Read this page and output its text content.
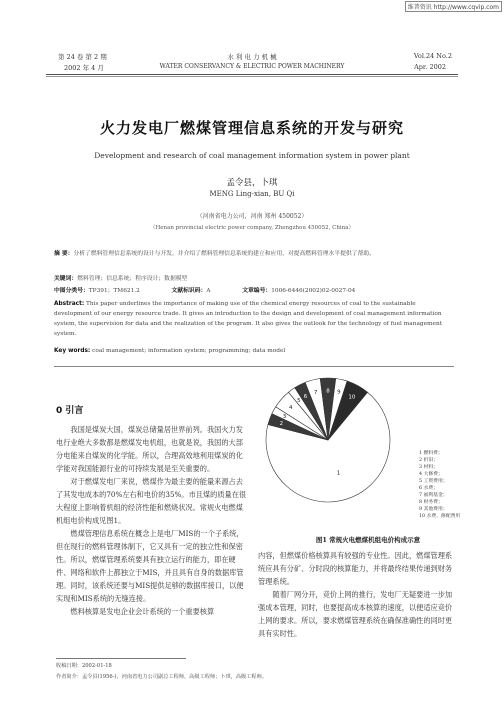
维普资讯 http://www.cqvip.com
第 24 卷 第 2 期
2002 年 4 月
水 利 电 力 机 械
WATER CONSERVANCY & ELECTRIC POWER MACHINERY
Vol.24 No.2
Apr. 2002
火力发电厂燃煤管理信息系统的开发与研究
Development and research of coal management information system in power plant
孟令县，卜琪
MENG Ling-xian, BU Qi
（河南省电力公司，河南 郑州 450052）
（Henan provincial electric power company, Zhengzhou 450052, China）
摘 要：分析了燃料管理信息系统的设计与开发，并介绍了燃料管理信息系统的建立和应用，对提高燃料管理水平提供了帮助。
关键词：燃料管理；信息系统；程序设计；数据模型
中图分类号：TP391；TM621.2	文献标识码：A	文章编号：1006-6446(2002)02-0027-04
Abstract: This paper underlines the importance of making use of the chemical energy resources of coal to the sustainable development of our energy resource trade. It gives an introduction to the design and development of coal management information system, the supervision for data and the realization of the program. It also gives the outlook for the technology of fuel management system.
Key words: coal management; information system; programming; data model
0 引言

我国是煤炭大国，煤炭总储量居世界前列。我国火力发电行业绝大多数都是燃煤发电机组，也就是说，我国的大部分电能来自煤炭的化学能。所以，合理高效地利用煤炭的化学能对我国能源行业的可持续发展是至关重要的。

对于燃煤发电厂来说，燃煤作为最主要的能量来源占去了其发电成本的70%左右和电价的35%。市且煤的质量在很大程度上影响着机组的经济性能和燃烧状况。常规火电燃煤机组电价构成见图1。

燃煤管理信息系统在概念上是电厂MIS的一个子系统，但在现行的燃料管理体制下，它又具有一定的独立性和保密性。所以，燃煤管理系统要具有独立运行的能力，即在硬件、网络和软件上都独立于MIS，并且具有自身的数据库管理。同时，该系统还要与MIS提供足够的数据库接口，以便实现和MIS系统的无缝连接。

燃料核算是发电企业会计系统的一个重要核算

1
2
3
4
5
6
7 8 9
10
1 燃料费；
2 折旧；
3 材料；
4 大修费；
5 工资费用；
6 水费；
7 福利基金；
8 财务费；
9 其他费用；
10 水费、修配费用
图1 常规火电燃煤机组电价构成示意

内容，但燃煤价格核算具有较强的专业性。因此，燃煤管理系统应具有分矿、分时段的核算能力，并将最终结果传递到财务管理系统。

随着厂网分开，竞价上网的推行，发电厂无疑要进一步加强成本管理，同时，也要提高成本核算的速度，以便适应竞价上网的要求。所以，要求燃煤管理系统在确保准确性的同时更具有实时性。

收稿日期：2002-01-18
作者简介：孟令县(1956-)，河南省电力公司副总工程师，高级工程师；卜琪，高级工程师。
